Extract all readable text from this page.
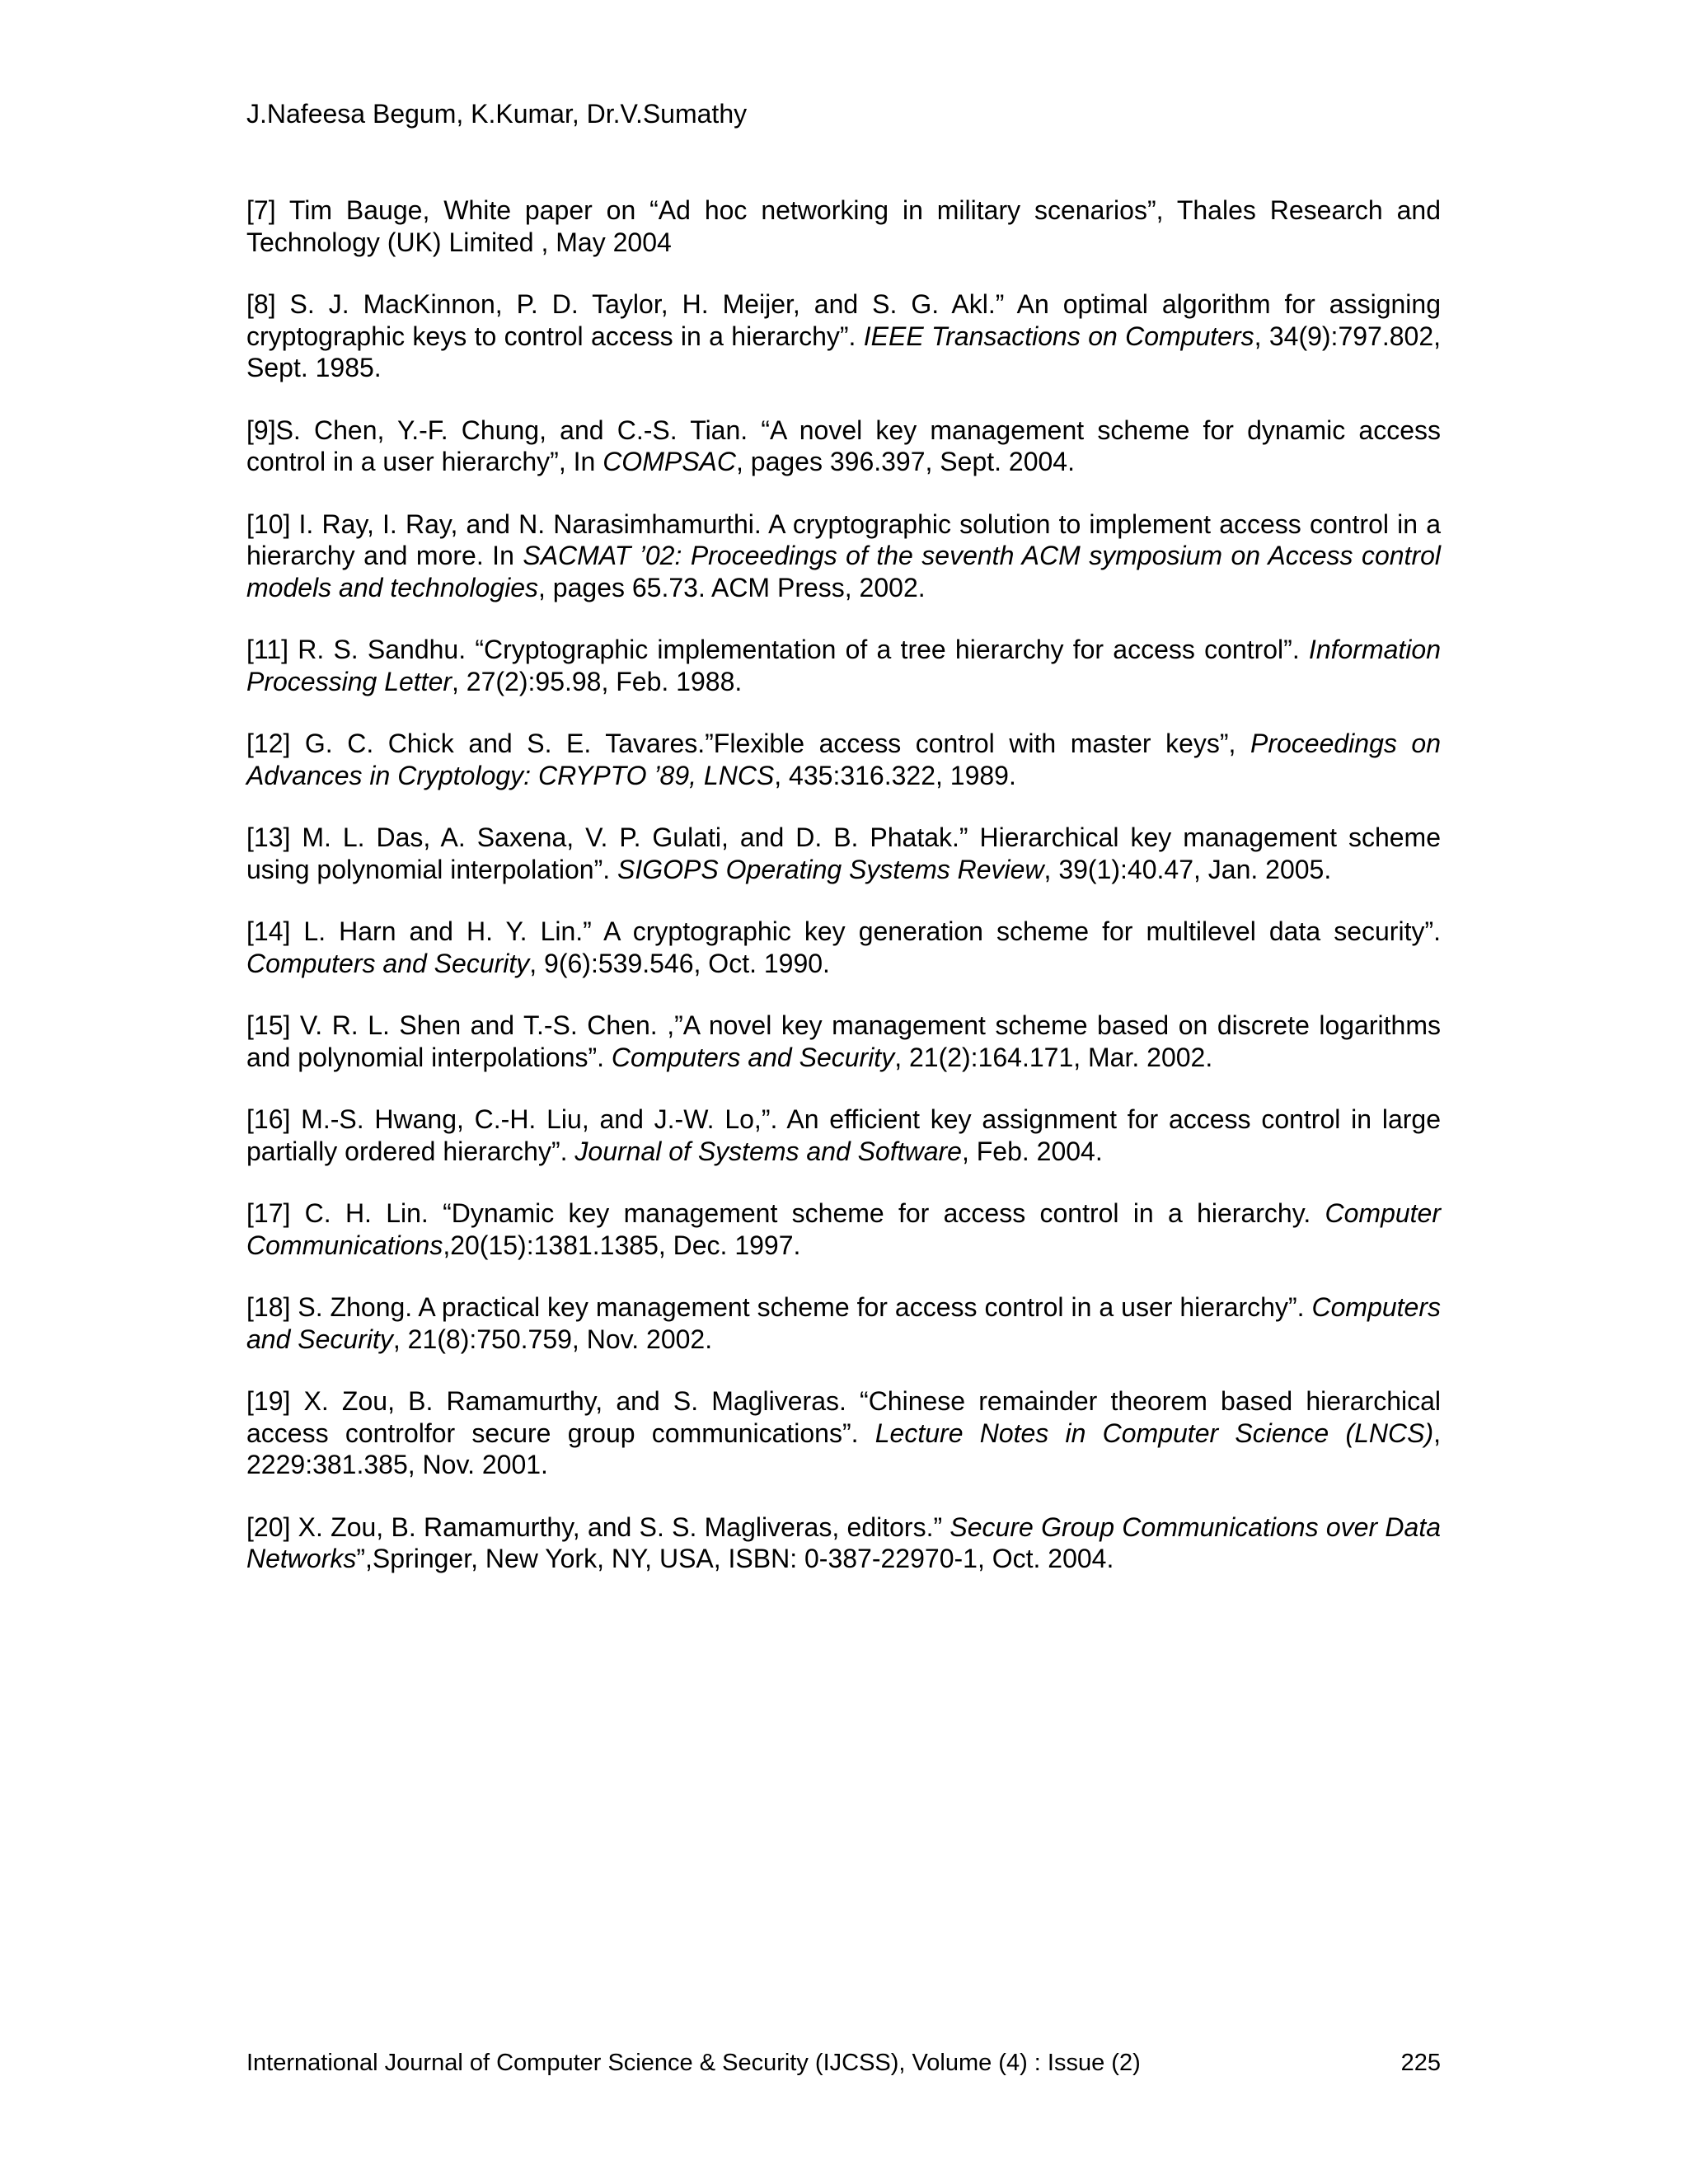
J.Nafeesa Begum, K.Kumar, Dr.V.Sumathy

[7] Tim Bauge, White paper on “Ad hoc networking in military scenarios”, Thales Research and Technology (UK) Limited , May 2004

[8] S. J. MacKinnon, P. D. Taylor, H. Meijer, and S. G. Akl.” An optimal algorithm for assigning cryptographic keys to control access in a hierarchy”. IEEE Transactions on Computers, 34(9):797.802, Sept. 1985.

[9]S. Chen, Y.-F. Chung, and C.-S. Tian. “A novel key management scheme for dynamic access control in a user hierarchy”, In COMPSAC, pages 396.397, Sept. 2004.

[10] I. Ray, I. Ray, and N. Narasimhamurthi. A cryptographic solution to implement access control in a hierarchy and more. In SACMAT ’02: Proceedings of the seventh ACM symposium on Access control models and technologies, pages 65.73. ACM Press, 2002.

[11] R. S. Sandhu. “Cryptographic implementation of a tree hierarchy for access control”. Information Processing Letter, 27(2):95.98, Feb. 1988.

[12] G. C. Chick and S. E. Tavares.”Flexible access control with master keys”, Proceedings on Advances in Cryptology: CRYPTO ’89, LNCS, 435:316.322, 1989.

[13] M. L. Das, A. Saxena, V. P. Gulati, and D. B. Phatak.” Hierarchical key management scheme using polynomial interpolation”. SIGOPS Operating Systems Review, 39(1):40.47, Jan. 2005.

[14] L. Harn and H. Y. Lin.” A cryptographic key generation scheme for multilevel data security”. Computers and Security, 9(6):539.546, Oct. 1990.

[15] V. R. L. Shen and T.-S. Chen. ,”A novel key management scheme based on discrete logarithms and polynomial interpolations”. Computers and Security, 21(2):164.171, Mar. 2002.

[16] M.-S. Hwang, C.-H. Liu, and J.-W. Lo,”. An efficient key assignment for access control in large partially ordered hierarchy”. Journal of Systems and Software, Feb. 2004.

[17] C. H. Lin. “Dynamic key management scheme for access control in a hierarchy. Computer Communications,20(15):1381.1385, Dec. 1997.

[18] S. Zhong. A practical key management scheme for access control in a user hierarchy”. Computers and Security, 21(8):750.759, Nov. 2002.

[19] X. Zou, B. Ramamurthy, and S. Magliveras. “Chinese remainder theorem based hierarchical access controlfor secure group communications”. Lecture Notes in Computer Science (LNCS), 2229:381.385, Nov. 2001.

[20] X. Zou, B. Ramamurthy, and S. S. Magliveras, editors.” Secure Group Communications over Data Networks”,Springer, New York, NY, USA, ISBN: 0-387-22970-1, Oct. 2004.

International Journal of Computer Science & Security (IJCSS), Volume (4) : Issue (2)	225
